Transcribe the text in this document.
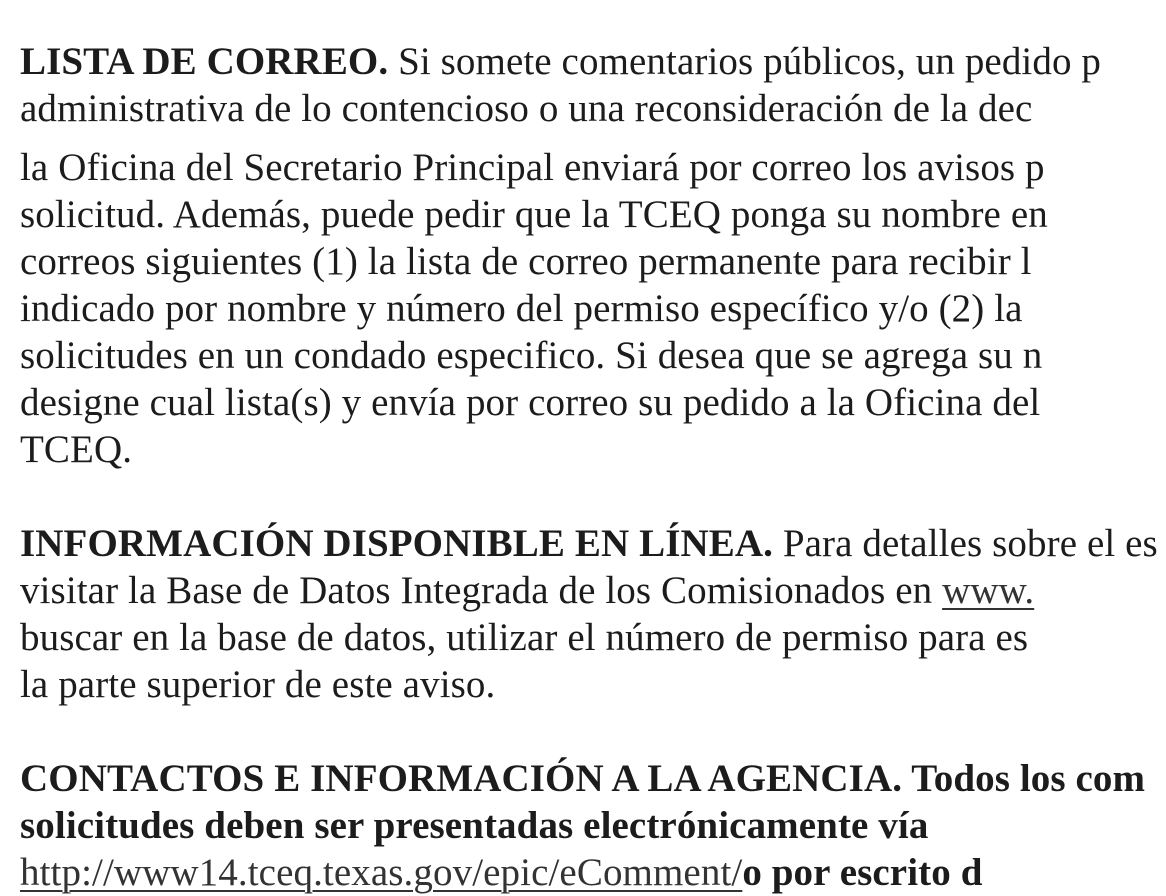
LISTA DE CORREO. Si somete comentarios públicos, un pedido p
administrativa de lo contencioso o una reconsideración de la dec
la Oficina del Secretario Principal enviará por correo los avisos p
solicitud. Además, puede pedir que la TCEQ ponga su nombre en
correos siguientes (1) la lista de correo permanente para recibir l
indicado por nombre y número del permiso específico y/o (2) la
solicitudes en un condado especifico. Si desea que se agrega su n
designe cual lista(s) y envía por correo su pedido a la Oficina del
TCEQ.
INFORMACIÓN DISPONIBLE EN LÍNEA. Para detalles sobre el es
visitar la Base de Datos Integrada de los Comisionados en www.
buscar en la base de datos, utilizar el número de permiso para es
la parte superior de este aviso.
CONTACTOS E INFORMACIÓN A LA AGENCIA. Todos los com
solicitudes deben ser presentadas electrónicamente vía
http://www14.tceq.texas.gov/epic/eComment/o por escrito d
